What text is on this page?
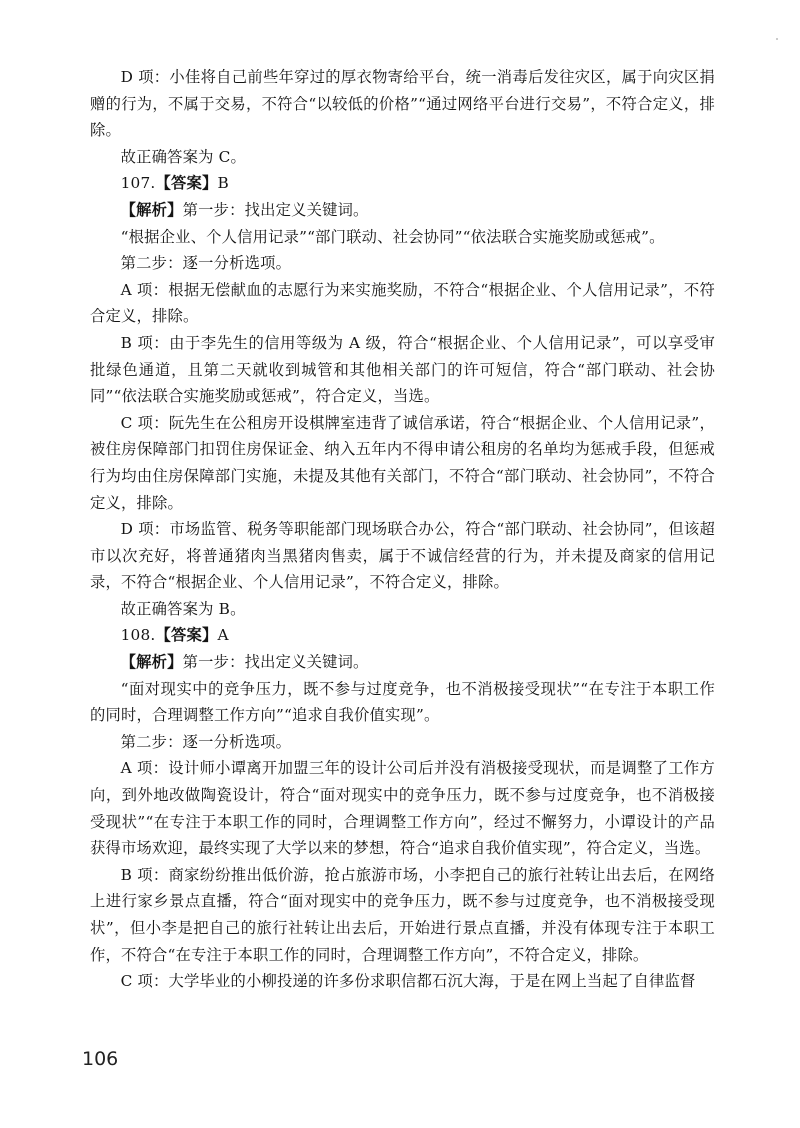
D 项：小佳将自己前些年穿过的厚衣物寄给平台，统一消毒后发往灾区，属于向灾区捐赠的行为，不属于交易，不符合“以较低的价格”“通过网络平台进行交易”，不符合定义，排除。

故正确答案为 C。

107.【答案】B

【解析】第一步：找出定义关键词。

“根据企业、个人信用记录”“部门联动、社会协同”“依法联合实施奖励或惩戒”。

第二步：逐一分析选项。

A 项：根据无偿献血的志愿行为来实施奖励，不符合“根据企业、个人信用记录”，不符合定义，排除。

B 项：由于李先生的信用等级为 A 级，符合“根据企业、个人信用记录”，可以享受审批绿色通道，且第二天就收到城管和其他相关部门的许可短信，符合“部门联动、社会协同”“依法联合实施奖励或惩戒”，符合定义，当选。

C 项：阮先生在公租房开设棋牌室违背了诚信承诺，符合“根据企业、个人信用记录”，被住房保障部门扣罚住房保证金、纳入五年内不得申请公租房的名单均为惩戒手段，但惩戒行为均由住房保障部门实施，未提及其他有关部门，不符合“部门联动、社会协同”，不符合定义，排除。

D 项：市场监管、税务等职能部门现场联合办公，符合“部门联动、社会协同”，但该超市以次充好，将普通猪肉当黑猪肉售卖，属于不诚信经营的行为，并未提及商家的信用记录，不符合“根据企业、个人信用记录”，不符合定义，排除。

故正确答案为 B。

108.【答案】A

【解析】第一步：找出定义关键词。

“面对现实中的竞争压力，既不参与过度竞争，也不消极接受现状”“在专注于本职工作的同时，合理调整工作方向”“追求自我价值实现”。

第二步：逐一分析选项。

A 项：设计师小谭离开加盟三年的设计公司后并没有消极接受现状，而是调整了工作方向，到外地改做陶瓷设计，符合“面对现实中的竞争压力，既不参与过度竞争，也不消极接受现状”“在专注于本职工作的同时，合理调整工作方向”，经过不懈努力，小谭设计的产品获得市场欢迎，最终实现了大学以来的梦想，符合“追求自我价值实现”，符合定义，当选。

B 项：商家纷纷推出低价游，抢占旅游市场，小李把自己的旅行社转让出去后，在网络上进行家乡景点直播，符合“面对现实中的竞争压力，既不参与过度竞争，也不消极接受现状”，但小李是把自己的旅行社转让出去后，开始进行景点直播，并没有体现专注于本职工作，不符合“在专注于本职工作的同时，合理调整工作方向”，不符合定义，排除。

C 项：大学毕业的小柳投递的许多份求职信都石沉大海，于是在网上当起了自律监督

106
